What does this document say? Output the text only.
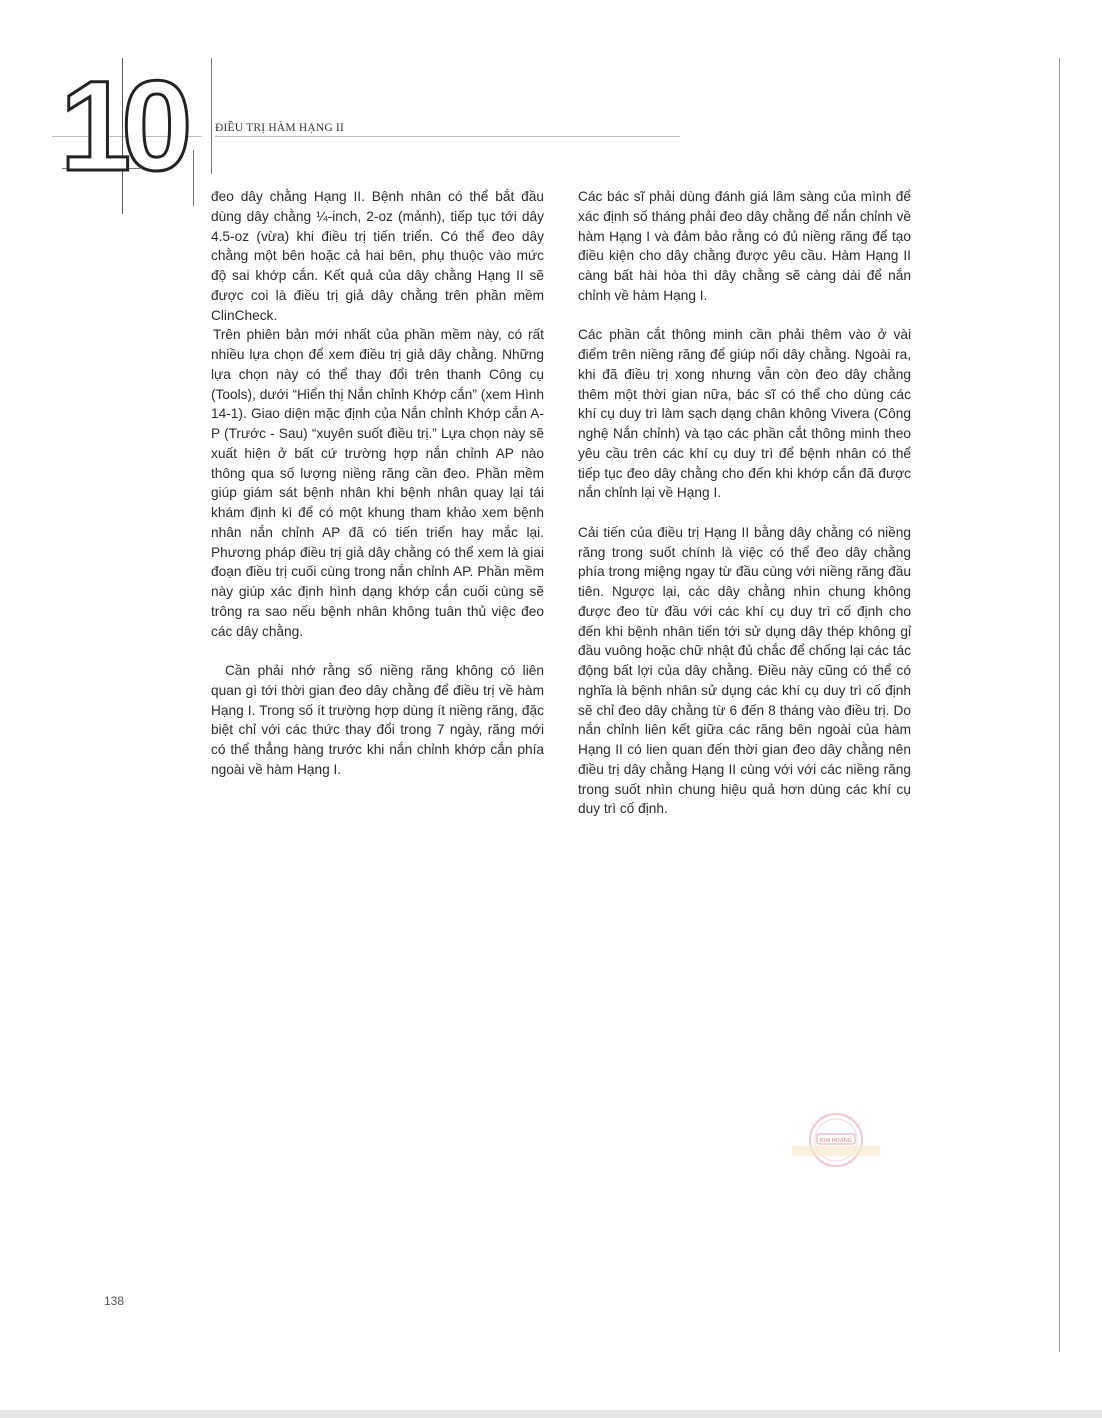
10	ĐIỀU TRỊ HÀM HẠNG II

đeo dây chằng Hạng II. Bệnh nhân có thể bắt đầu dùng dây chằng ¼-inch, 2-oz (mảnh), tiếp tục tới dây 4.5-oz (vừa) khi điều trị tiến triển. Có thể đeo dây chằng một bên hoặc cả hai bên, phụ thuộc vào mức độ sai khớp cắn. Kết quả của dây chằng Hạng II sẽ được coi là điều trị giả dây chằng trên phần mềm ClinCheck.

Trên phiên bản mới nhất của phần mềm này, có rất nhiều lựa chọn để xem điều trị giả dây chằng. Những lựa chọn này có thể thay đổi trên thanh Công cụ (Tools), dưới “Hiển thị Nắn chỉnh Khớp cắn” (xem Hình 14-1). Giao diện mặc định của Nắn chỉnh Khớp cắn A-P (Trước - Sau) “xuyên suốt điều trị.” Lựa chọn này sẽ xuất hiện ở bất cứ trường hợp nắn chỉnh AP nào thông qua số lượng niềng răng cần đeo. Phần mềm giúp giám sát bệnh nhân khi bệnh nhân quay lại tái khám định kì để có một khung tham khảo xem bệnh nhân nắn chỉnh AP đã có tiến triển hay mắc lại. Phương pháp điều trị giả dây chằng có thể xem là giai đoạn điều trị cuối cùng trong nắn chỉnh AP. Phần mềm này giúp xác định hình dạng khớp cắn cuối cùng sẽ trông ra sao nếu bệnh nhân không tuân thủ việc đeo các dây chằng.

Cần phải nhớ rằng số niềng răng không có liên quan gì tới thời gian đeo dây chằng để điều trị về hàm Hạng I. Trong số ít trường hợp dùng ít niềng răng, đặc biệt chỉ với các thức thay đổi trong 7 ngày, răng mới có thể thẳng hàng trước khi nắn chỉnh khớp cắn phía ngoài về hàm Hạng I.

Các bác sĩ phải dùng đánh giá lâm sàng của mình để xác định số tháng phải đeo dây chằng để nắn chỉnh về hàm Hạng I và đảm bảo rằng có đủ niềng răng để tạo điều kiện cho dây chằng được yêu cầu. Hàm Hạng II càng bất hài hòa thì dây chằng sẽ càng dài để nắn chỉnh về hàm Hạng I.

Các phần cắt thông minh cần phải thêm vào ở vài điểm trên niềng răng để giúp nối dây chằng. Ngoài ra, khi đã điều trị xong nhưng vẫn còn đeo dây chằng thêm một thời gian nữa, bác sĩ có thể cho dùng các khí cụ duy trì làm sạch dạng chân không Vivera (Công nghệ Nắn chỉnh) và tạo các phần cắt thông minh theo yêu cầu trên các khí cụ duy trì để bệnh nhân có thể tiếp tục đeo dây chằng cho đến khi khớp cắn đã được nắn chỉnh lại về Hạng I.

Cải tiến của điều trị Hạng II bằng dây chằng có niềng răng trong suốt chính là việc có thể đeo dây chằng phía trong miệng ngay từ đầu cùng với niềng răng đầu tiên. Ngược lại, các dây chằng nhìn chung không được đeo từ đầu với các khí cụ duy trì cố định cho đến khi bệnh nhân tiến tới sử dụng dây thép không gỉ đầu vuông hoặc chữ nhật đủ chắc để chống lại các tác động bất lợi của dây chằng. Điều này cũng có thể có nghĩa là bệnh nhân sử dụng các khí cụ duy trì cố định sẽ chỉ đeo dây chằng từ 6 đến 8 tháng vào điều trị. Do nắn chỉnh liên kết giữa các răng bên ngoài của hàm Hạng II có lien quan đến thời gian đeo dây chằng nên điều trị dây chằng Hạng II cùng với với các niềng răng trong suốt nhìn chung hiệu quả hơn dùng các khí cụ duy trì cố định.

KIM HOÀNG
138
